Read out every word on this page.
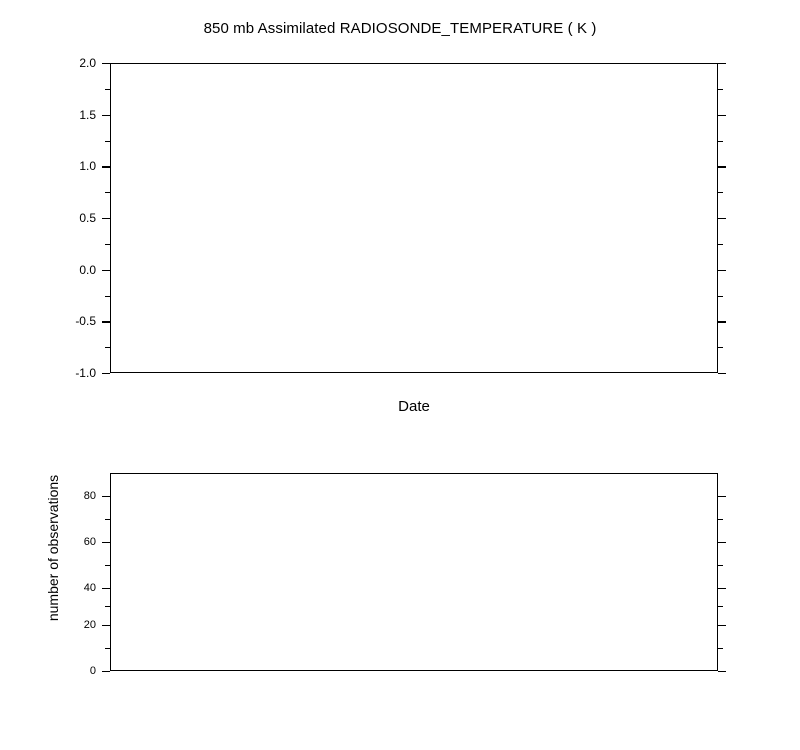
850 mb Assimilated RADIOSONDE_TEMPERATURE ( K )
2.0
1.5
1.0
0.5
0.0
-0.5
-1.0
Date
80
60
40
20
0
number of observations
